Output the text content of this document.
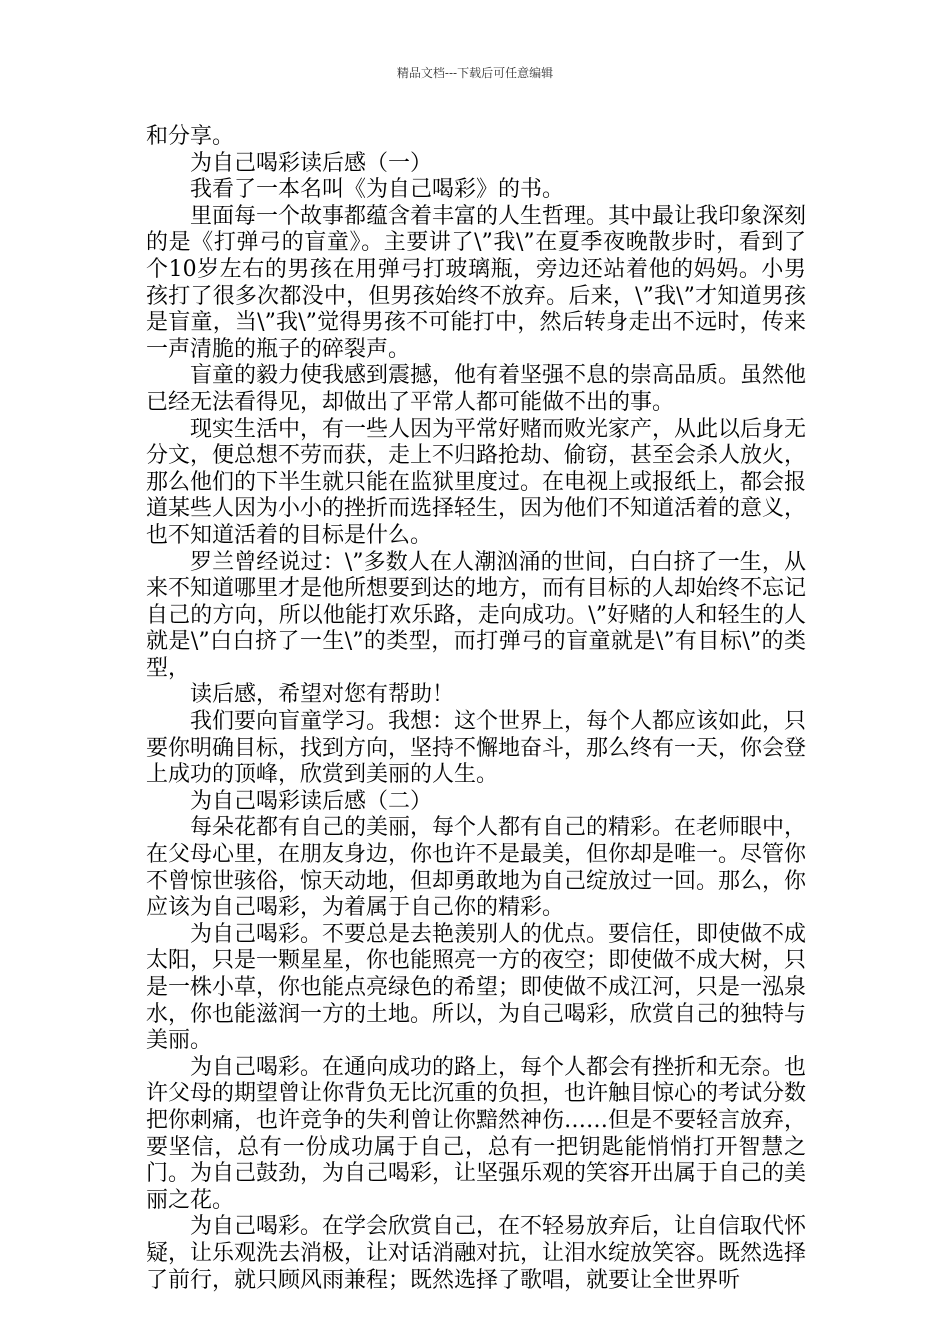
精品文档---下载后可任意编辑

和分享。

为自己喝彩读后感（一）

我看了一本名叫《为自己喝彩》的书。

里面每一个故事都蕴含着丰富的人生哲理。其中最让我印象深刻的是《打弹弓的盲童》。主要讲了\”我\”在夏季夜晚散步时，看到了个10岁左右的男孩在用弹弓打玻璃瓶，旁边还站着他的妈妈。小男孩打了很多次都没中，但男孩始终不放弃。后来，\”我\”才知道男孩是盲童，当\”我\”觉得男孩不可能打中，然后转身走出不远时，传来一声清脆的瓶子的碎裂声。

盲童的毅力使我感到震撼，他有着坚强不息的崇高品质。虽然他已经无法看得见，却做出了平常人都可能做不出的事。

现实生活中，有一些人因为平常好赌而败光家产，从此以后身无分文，便总想不劳而获，走上不归路抢劫、偷窃，甚至会杀人放火，那么他们的下半生就只能在监狱里度过。在电视上或报纸上，都会报道某些人因为小小的挫折而选择轻生，因为他们不知道活着的意义，也不知道活着的目标是什么。

罗兰曾经说过：\”多数人在人潮汹涌的世间，白白挤了一生，从来不知道哪里才是他所想要到达的地方，而有目标的人却始终不忘记自己的方向，所以他能打欢乐路，走向成功。\”好赌的人和轻生的人就是\”白白挤了一生\”的类型，而打弹弓的盲童就是\”有目标\”的类型，

读后感，希望对您有帮助！

我们要向盲童学习。我想：这个世界上，每个人都应该如此，只要你明确目标，找到方向，坚持不懈地奋斗，那么终有一天，你会登上成功的顶峰，欣赏到美丽的人生。

为自己喝彩读后感（二）

每朵花都有自己的美丽，每个人都有自己的精彩。在老师眼中，在父母心里，在朋友身边，你也许不是最美，但你却是唯一。尽管你不曾惊世骇俗，惊天动地，但却勇敢地为自己绽放过一回。那么，你应该为自己喝彩，为着属于自己你的精彩。

为自己喝彩。不要总是去艳羡别人的优点。要信任，即使做不成太阳，只是一颗星星，你也能照亮一方的夜空；即使做不成大树，只是一株小草，你也能点亮绿色的希望；即使做不成江河，只是一泓泉水，你也能滋润一方的土地。所以，为自己喝彩，欣赏自己的独特与美丽。

为自己喝彩。在通向成功的路上，每个人都会有挫折和无奈。也许父母的期望曾让你背负无比沉重的负担，也许触目惊心的考试分数把你刺痛，也许竞争的失利曾让你黯然神伤……但是不要轻言放弃，要坚信，总有一份成功属于自己，总有一把钥匙能悄悄打开智慧之门。为自己鼓劲，为自己喝彩，让坚强乐观的笑容开出属于自己的美丽之花。

为自己喝彩。在学会欣赏自己，在不轻易放弃后，让自信取代怀疑，让乐观洗去消极，让对话消融对抗，让泪水绽放笑容。既然选择了前行，就只顾风雨兼程；既然选择了歌唱，就要让全世界听
